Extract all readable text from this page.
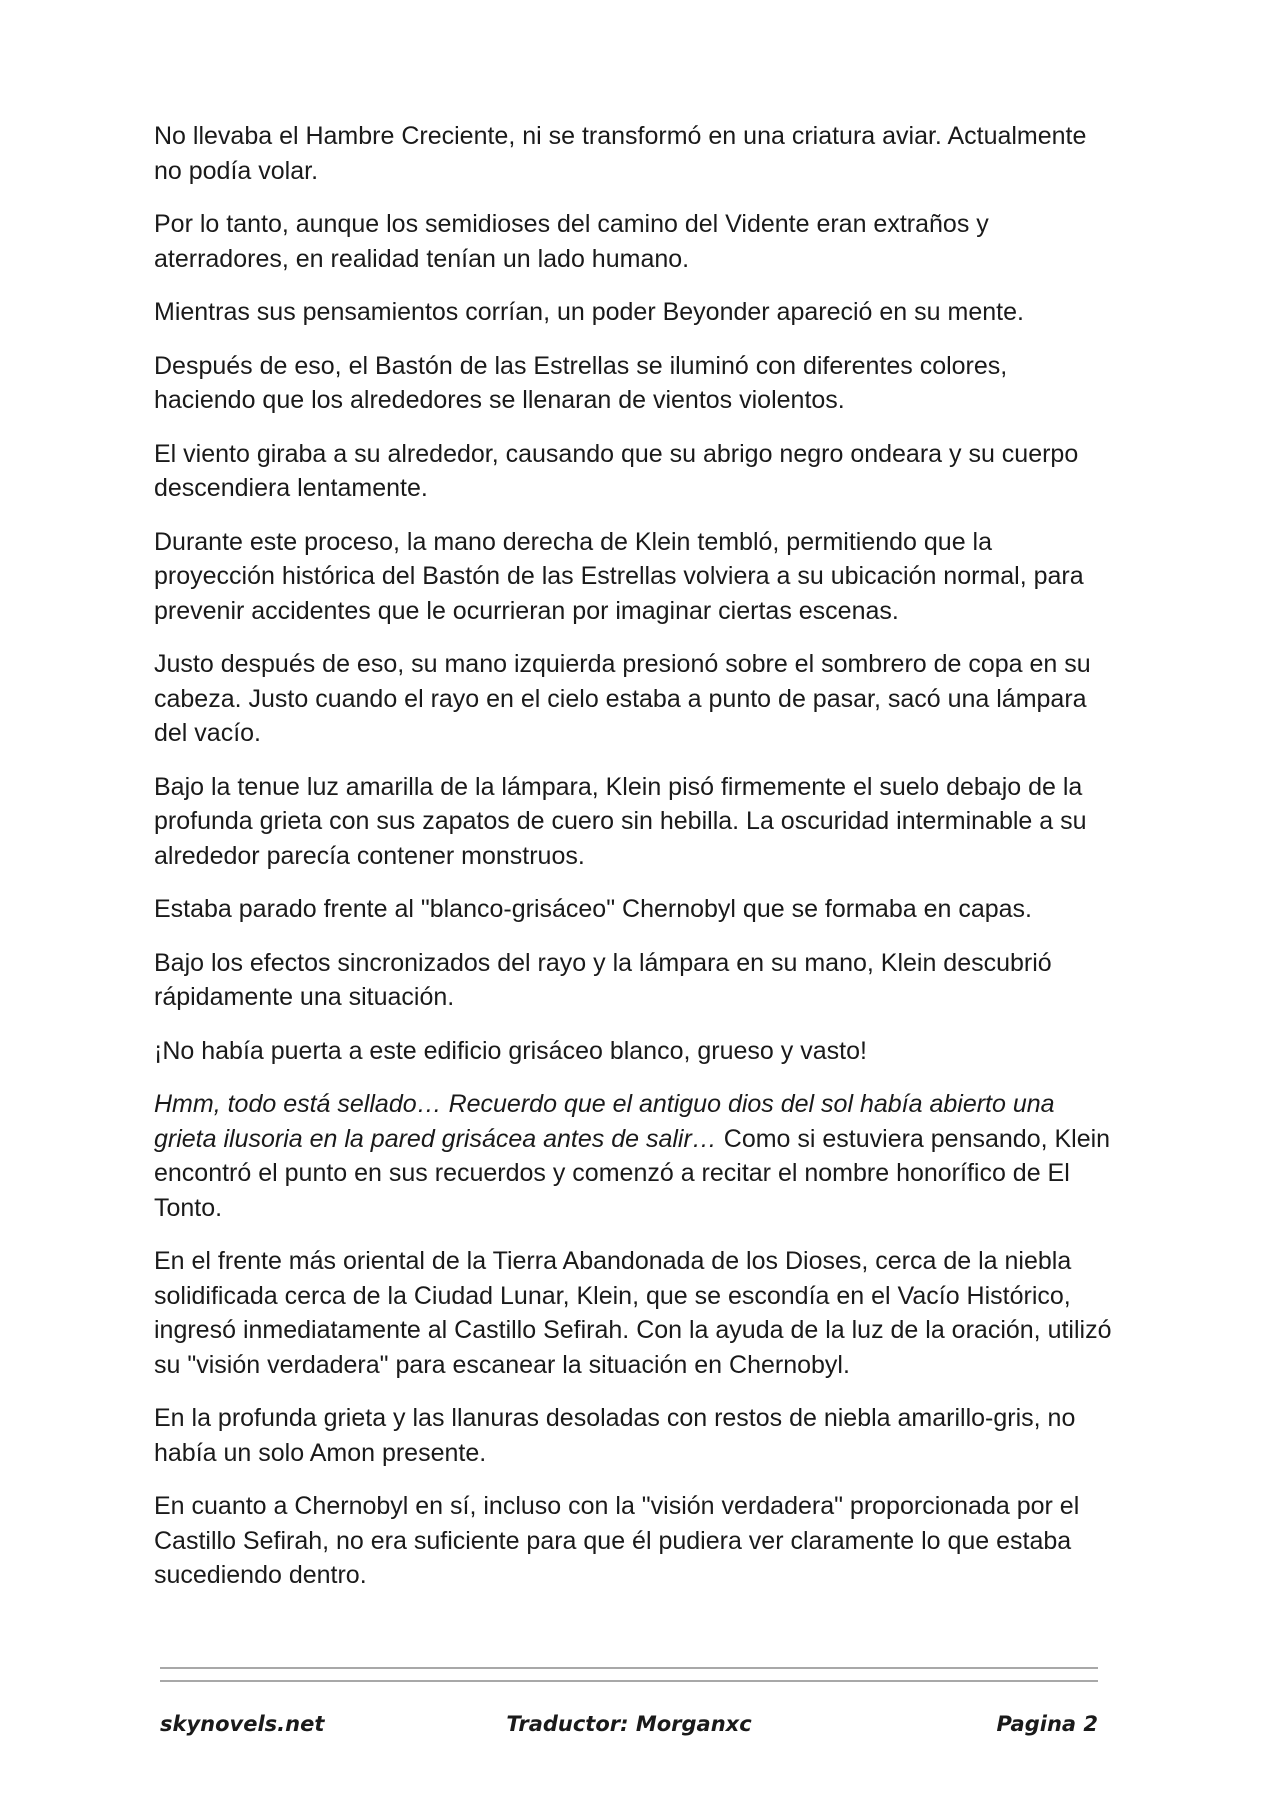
No llevaba el Hambre Creciente, ni se transformó en una criatura aviar. Actualmente no podía volar.

Por lo tanto, aunque los semidioses del camino del Vidente eran extraños y aterradores, en realidad tenían un lado humano.

Mientras sus pensamientos corrían, un poder Beyonder apareció en su mente.

Después de eso, el Bastón de las Estrellas se iluminó con diferentes colores, haciendo que los alrededores se llenaran de vientos violentos.

El viento giraba a su alrededor, causando que su abrigo negro ondeara y su cuerpo descendiera lentamente.

Durante este proceso, la mano derecha de Klein tembló, permitiendo que la proyección histórica del Bastón de las Estrellas volviera a su ubicación normal, para prevenir accidentes que le ocurrieran por imaginar ciertas escenas.

Justo después de eso, su mano izquierda presionó sobre el sombrero de copa en su cabeza. Justo cuando el rayo en el cielo estaba a punto de pasar, sacó una lámpara del vacío.

Bajo la tenue luz amarilla de la lámpara, Klein pisó firmemente el suelo debajo de la profunda grieta con sus zapatos de cuero sin hebilla. La oscuridad interminable a su alrededor parecía contener monstruos.

Estaba parado frente al "blanco-grisáceo" Chernobyl que se formaba en capas.

Bajo los efectos sincronizados del rayo y la lámpara en su mano, Klein descubrió rápidamente una situación.

¡No había puerta a este edificio grisáceo blanco, grueso y vasto!

Hmm, todo está sellado… Recuerdo que el antiguo dios del sol había abierto una grieta ilusoria en la pared grisácea antes de salir… Como si estuviera pensando, Klein encontró el punto en sus recuerdos y comenzó a recitar el nombre honorífico de El Tonto.

En el frente más oriental de la Tierra Abandonada de los Dioses, cerca de la niebla solidificada cerca de la Ciudad Lunar, Klein, que se escondía en el Vacío Histórico, ingresó inmediatamente al Castillo Sefirah. Con la ayuda de la luz de la oración, utilizó su "visión verdadera" para escanear la situación en Chernobyl.

En la profunda grieta y las llanuras desoladas con restos de niebla amarillo-gris, no había un solo Amon presente.

En cuanto a Chernobyl en sí, incluso con la "visión verdadera" proporcionada por el Castillo Sefirah, no era suficiente para que él pudiera ver claramente lo que estaba sucediendo dentro.

skynovels.net	Traductor: Morganxc	Pagina 2
